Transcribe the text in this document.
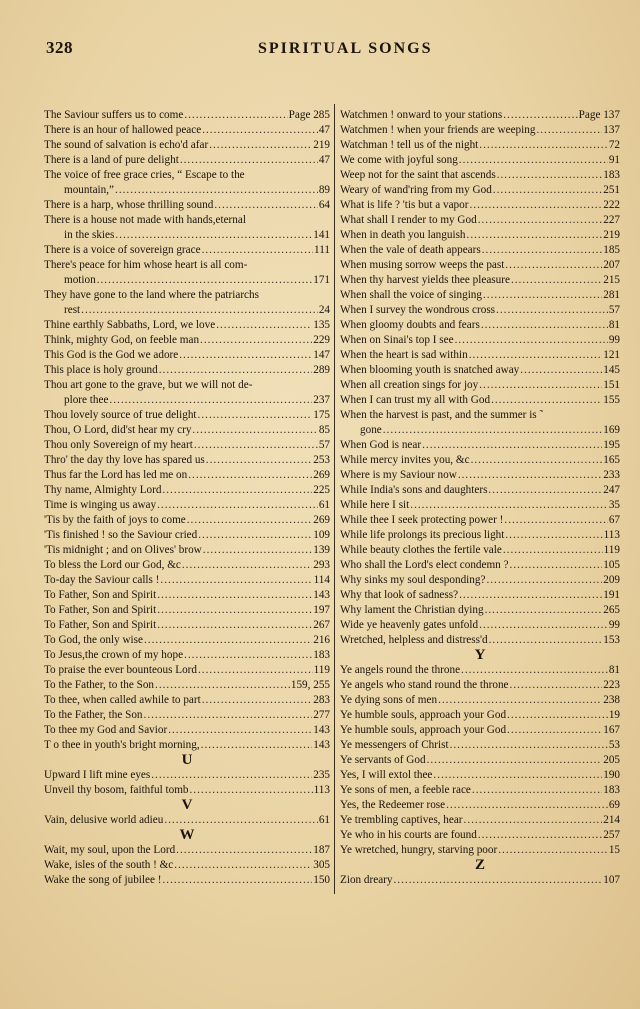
328	SPIRITUAL SONGS
The Saviour suffers us to come .....	Page 285
There is an hour of hallowed peace .....	47
The sound of salvation is echo'd afar .....	219
There is a land of pure delight .....	47
The voice of free grace cries, “ Escape to the
mountain,” .....	89
There is a harp, whose thrilling sound .....	64
There is a house not made with hands,eternal
in the skies .....	141
There is a voice of sovereign grace .....	111
There's peace for him whose heart is all com-
motion .....	171
They have gone to the land where the patriarchs
rest .....	24
Thine earthly Sabbaths, Lord, we love .....	135
Think, mighty God, on feeble man .....	229
This God is the God we adore .....	147
This place is holy ground .....	289
Thou art gone to the grave, but we will not de-
plore thee .....	237
Thou lovely source of true delight .....	175
Thou, O Lord, did'st hear my cry .....	85
Thou only Sovereign of my heart .....	57
Thro' the day thy love has spared us .....	253
Thus far the Lord has led me on .....	269
Thy name, Almighty Lord .....	225
Time is winging us away .....	61
'Tis by the faith of joys to come .....	269
'Tis finished ! so the Saviour cried .....	109
'Tis midnight ; and on Olives' brow .....	139
To bless the Lord our God, &c .....	293
To-day the Saviour calls ! .....	114
To Father, Son and Spirit .....	143
To Father, Son and Spirit .....	197
To Father, Son and Spirit .....	267
To God, the only wise .....	216
To Jesus,the crown of my hope .....	183
To praise the ever bounteous Lord .....	119
To the Father, to the Son .....	159, 255
To thee, when called awhile to part .....	283
To the Father, the Son .....	277
To thee my God and Savior .....	143
T o thee in youth's bright morning, .....	143
U
Upward I lift mine eyes .....	235
Unveil thy bosom, faithful tomb .....	113
V
Vain, delusive world adieu .....	61
W
Wait, my soul, upon the Lord .....	187
Wake, isles of the south ! &c .....	305
Wake the song of jubilee ! .....	150
Watchmen ! onward to your stations .....	Page 137
Watchmen ! when your friends are weeping .....	137
Watchman ! tell us of the night .....	72
We come with joyful song .....	91
Weep not for the saint that ascends .....	183
Weary of wand'ring from my God .....	251
What is life ? 'tis but a vapor .....	222
What shall I render to my God .....	227
When in death you languish .....	219
When the vale of death appears .....	185
When musing sorrow weeps the past .....	207
When thy harvest yields thee pleasure .....	215
When shall the voice of singing .....	281
When I survey the wondrous cross .....	57
When gloomy doubts and fears .....	81
When on Sinai's top I see .....	99
When the heart is sad within .....	121
When blooming youth is snatched away .....	145
When all creation sings for joy .....	151
When I can trust my all with God .....	155
When the harvest is past, and the summer is ˜
gone .....	169
When God is near .....	195
While mercy invites you, &c .....	165
Where is my Saviour now .....	233
While India's sons and daughters .....	247
While here I sit .....	35
While thee I seek protecting power ! .....	67
While life prolongs its precious light .....	113
While beauty clothes the fertile vale .....	119
Who shall the Lord's elect condemn ? .....	105
Why sinks my soul desponding? .....	209
Why that look of sadness? .....	191
Why lament the Christian dying .....	265
Wide ye heavenly gates unfold .....	99
Wretched, helpless and distress'd .....	153
Y
Ye angels round the throne .....	81
Ye angels who stand round the throne .....	223
Ye dying sons of men .....	238
Ye humble souls, approach your God .....	19
Ye humble souls, approach your God .....	167
Ye messengers of Christ .....	53
Ye servants of God .....	205
Yes, I will extol thee .....	190
Ye sons of men, a feeble race .....	183
Yes, the Redeemer rose .....	69
Ye trembling captives, hear .....	214
Ye who in his courts are found .....	257
Ye wretched, hungry, starving poor .....	15
Z
Zion dreary .....	107
